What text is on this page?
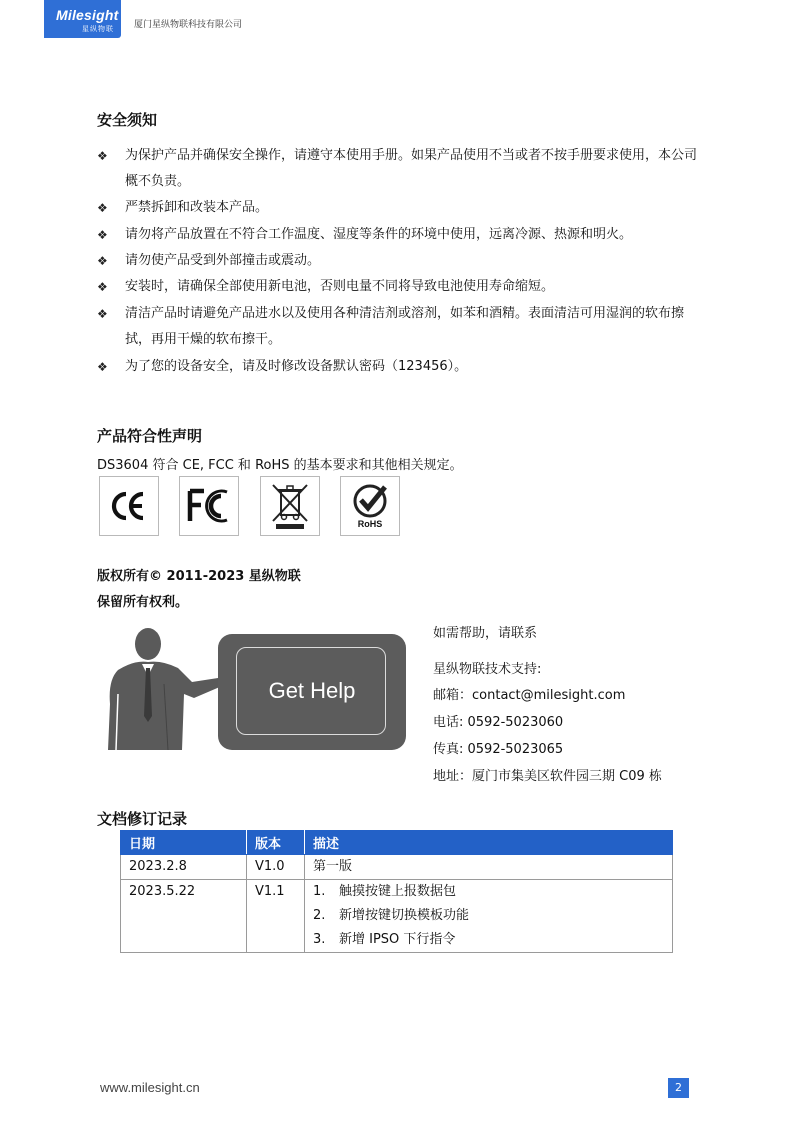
Milesight
星纵物联 厦门星纵物联科技有限公司
安全须知
❖	为保护产品并确保安全操作，请遵守本使用手册。如果产品使用不当或者不按手册要求使用，本公司概不负责。
❖	严禁拆卸和改装本产品。
❖	请勿将产品放置在不符合工作温度、湿度等条件的环境中使用，远离冷源、热源和明火。
❖	请勿使产品受到外部撞击或震动。
❖	安装时，请确保全部使用新电池，否则电量不同将导致电池使用寿命缩短。
❖	清洁产品时请避免产品进水以及使用各种清洁剂或溶剂，如苯和酒精。表面清洁可用湿润的软布擦拭，再用干燥的软布擦干。
❖	为了您的设备安全，请及时修改设备默认密码（123456）。
产品符合性声明
DS3604 符合 CE, FCC 和 RoHS 的基本要求和其他相关规定。
RoHS
版权所有© 2011-2023 星纵物联
保留所有权利。
Get Help
如需帮助，请联系
星纵物联技术支持:
邮箱：contact@milesight.com
电话: 0592-5023060
传真: 0592-5023065
地址：厦门市集美区软件园三期 C09 栋
文档修订记录
日期	版本	描述
2023.2.8	V1.0	第一版

2023.5.22	V1.1	1. 触摸按键上报数据包
2. 新增按键切换模板功能
3. 新增 IPSO 下行指令
www.milesight.cn	2
